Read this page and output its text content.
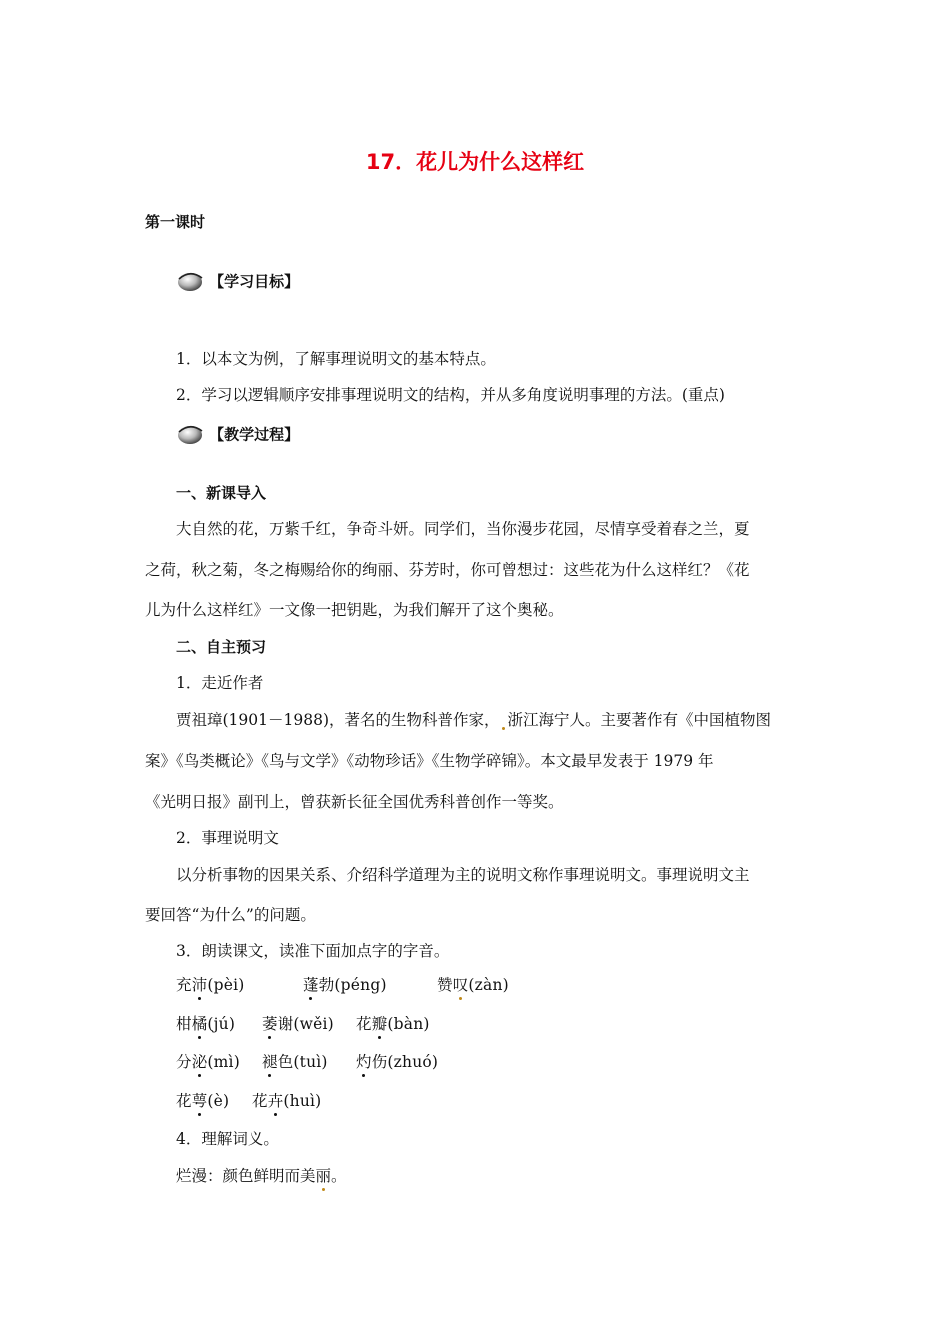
17．花儿为什么这样红
第一课时
【学习目标】
1．以本文为例，了解事理说明文的基本特点。
2．学习以逻辑顺序安排事理说明文的结构，并从多角度说明事理的方法。(重点)
【教学过程】
一、新课导入
大自然的花，万紫千红，争奇斗妍。同学们，当你漫步花园，尽情享受着春之兰，夏
之荷，秋之菊，冬之梅赐给你的绚丽、芬芳时，你可曾想过：这些花为什么这样红？《花
儿为什么这样红》一文像一把钥匙，为我们解开了这个奥秘。
二、自主预习
1．走近作者
贾祖璋(1901－1988)，著名的生物科普作家， 浙江海宁人。主要著作有《中国植物图
案》《鸟类概论》《鸟与文学》《动物珍话》《生物学碎锦》。本文最早发表于 1979 年
《光明日报》副刊上，曾获新长征全国优秀科普创作一等奖。
2．事理说明文
以分析事物的因果关系、介绍科学道理为主的说明文称作事理说明文。事理说明文主
要回答“为什么”的问题。
3．朗读课文，读准下面加点字的字音。
充沛(pèi)	蓬勃(péng)	赞叹(zàn)
柑橘(jú) 萎谢(wěi) 花瓣(bàn)
分泌(mì) 褪色(tuì) 灼伤(zhuó)
花萼(è) 花卉(huì)
4．理解词义。
烂漫：颜色鲜明而美丽。
